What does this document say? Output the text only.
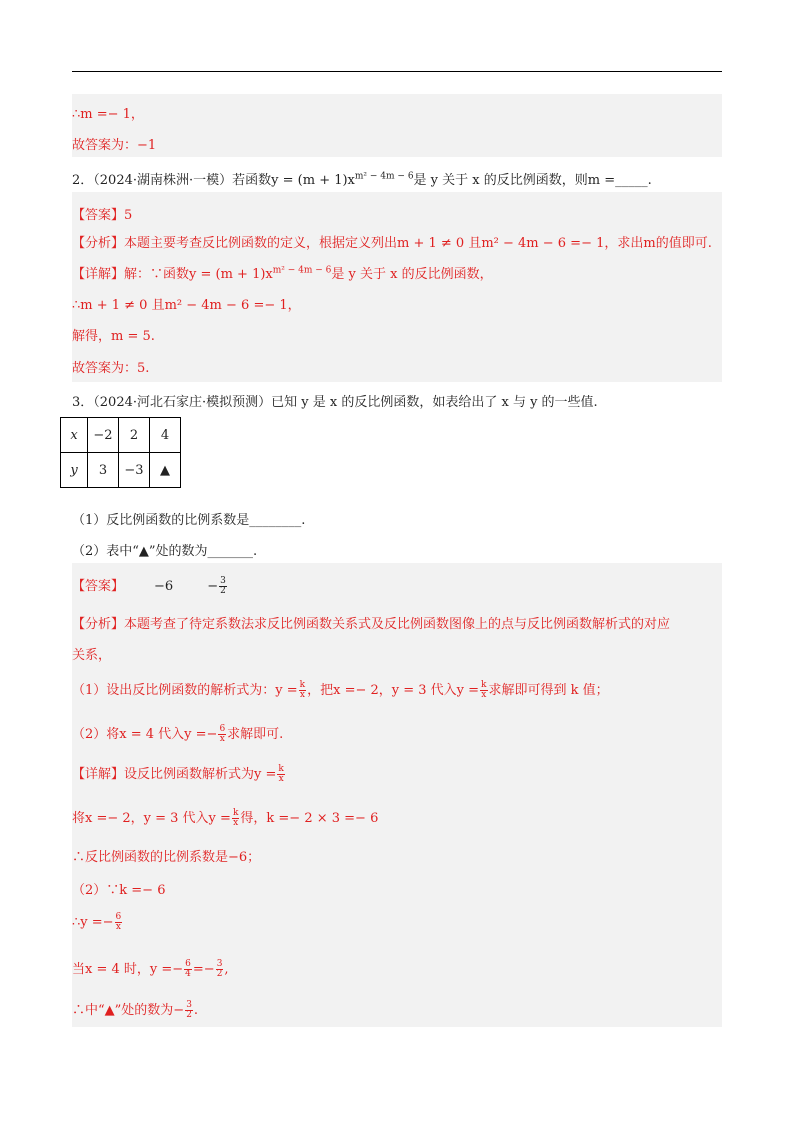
∴m =− 1，
故答案为：−1
2．（2024·湖南株洲·一模）若函数$y = (m + 1)x^{m^2 - 4m - 6}$是 y 关于 x 的反比例函数，则m =_____.
【答案】5
【分析】本题主要考查反比例函数的定义，根据定义列出m + 1 ≠ 0 且m² − 4m − 6 =− 1，求出m的值即可.
【详解】解：∵函数$y = (m + 1)x^{m^2 - 4m - 6}$是 y 关于 x 的反比例函数，
∴m + 1 ≠ 0 且m² − 4m − 6 =− 1，
解得，m = 5.
故答案为：5.
3．（2024·河北石家庄·模拟预测）已知 y 是 x 的反比例函数，如表给出了 x 与 y 的一些值.
x	−2	2	4
y	3	−3	▲
（1）反比例函数的比例系数是________.
（2）表中“▲”处的数为_______.
【答案】 −6	− $\frac{3}{2}$
【分析】本题考查了待定系数法求反比例函数关系式及反比例函数图像上的点与反比例函数解析式的对应
关系，
（1）设出反比例函数的解析式为：$y = \frac{k}{x}$ ，把x =− 2，y = 3 代入$y = \frac{k}{x}$ 求解即可得到 k 值；
（2）将x = 4 代入$y =- \frac{6}{x}$ 求解即可.
【详解】设反比例函数解析式为$y = \frac{k}{x}$
将x =− 2，y = 3 代入$y = \frac{k}{x}$ 得，k =− 2 × 3 =− 6
∴反比例函数的比例系数是−6；
（2）∵k =− 6
∴y =− $\frac{6}{x}$
当x = 4 时，$y =- \frac{6}{4} =- \frac{3}{2}$ ,
∴中“▲”处的数为− $\frac{3}{2}$ .
